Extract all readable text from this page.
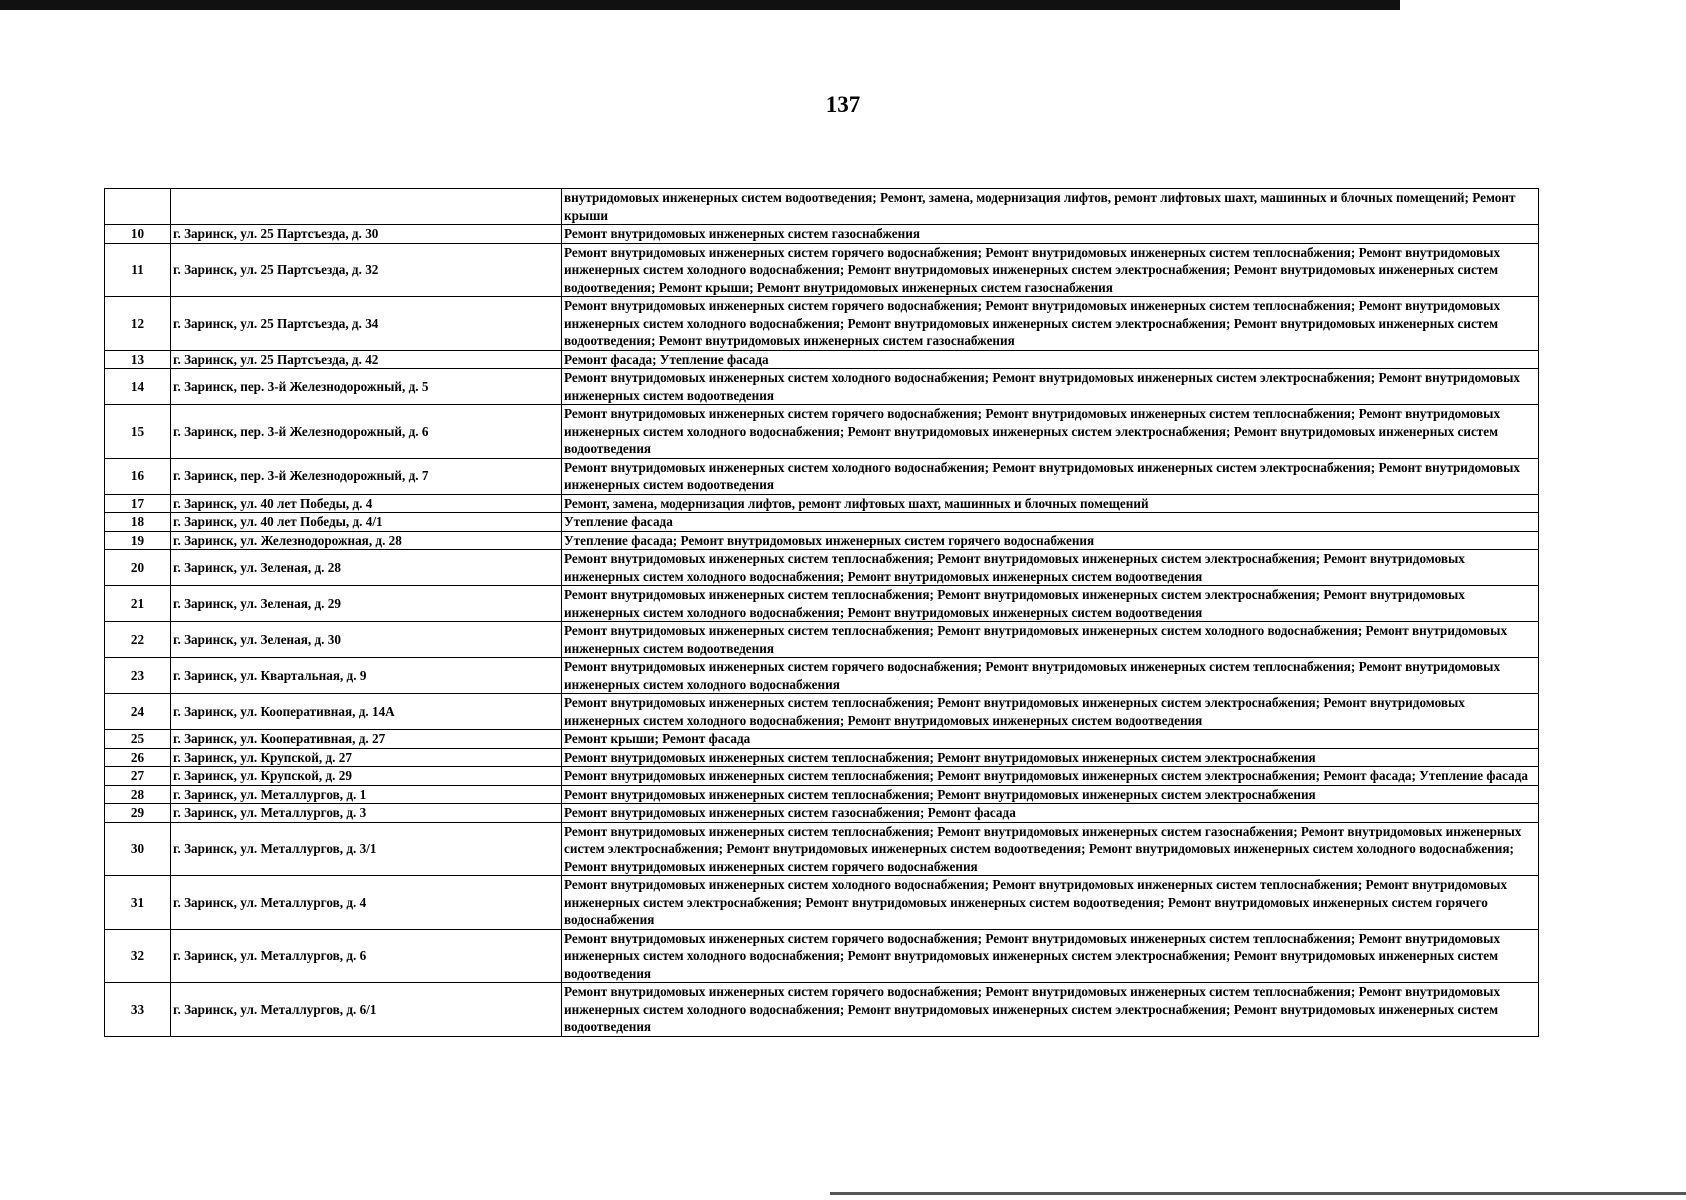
137
		внутридомовых инженерных систем водоотведения; Ремонт, замена, модернизация лифтов, ремонт лифтовых шахт, машинных и блочных помещений; Ремонт крыши
10	г. Заринск, ул. 25 Партсъезда, д. 30	Ремонт внутридомовых инженерных систем газоснабжения
11	г. Заринск, ул. 25 Партсъезда, д. 32	Ремонт внутридомовых инженерных систем горячего водоснабжения; Ремонт внутридомовых инженерных систем теплоснабжения; Ремонт внутридомовых инженерных систем холодного водоснабжения; Ремонт внутридомовых инженерных систем электроснабжения; Ремонт внутридомовых инженерных систем водоотведения; Ремонт крыши; Ремонт внутридомовых инженерных систем газоснабжения
12	г. Заринск, ул. 25 Партсъезда, д. 34	Ремонт внутридомовых инженерных систем горячего водоснабжения; Ремонт внутридомовых инженерных систем теплоснабжения; Ремонт внутридомовых инженерных систем холодного водоснабжения; Ремонт внутридомовых инженерных систем электроснабжения; Ремонт внутридомовых инженерных систем водоотведения; Ремонт внутридомовых инженерных систем газоснабжения
13	г. Заринск, ул. 25 Партсъезда, д. 42	Ремонт фасада; Утепление фасада
14	г. Заринск, пер. 3-й Железнодорожный, д. 5	Ремонт внутридомовых инженерных систем холодного водоснабжения; Ремонт внутридомовых инженерных систем электроснабжения; Ремонт внутридомовых инженерных систем водоотведения
15	г. Заринск, пер. 3-й Железнодорожный, д. 6	Ремонт внутридомовых инженерных систем горячего водоснабжения; Ремонт внутридомовых инженерных систем теплоснабжения; Ремонт внутридомовых инженерных систем холодного водоснабжения; Ремонт внутридомовых инженерных систем электроснабжения; Ремонт внутридомовых инженерных систем водоотведения
16	г. Заринск, пер. 3-й Железнодорожный, д. 7	Ремонт внутридомовых инженерных систем холодного водоснабжения; Ремонт внутридомовых инженерных систем электроснабжения; Ремонт внутридомовых инженерных систем водоотведения
17	г. Заринск, ул. 40 лет Победы, д. 4	Ремонт, замена, модернизация лифтов, ремонт лифтовых шахт, машинных и блочных помещений
18	г. Заринск, ул. 40 лет Победы, д. 4/1	Утепление фасада
19	г. Заринск, ул. Железнодорожная, д. 28	Утепление фасада; Ремонт внутридомовых инженерных систем горячего водоснабжения
20	г. Заринск, ул. Зеленая, д. 28	Ремонт внутридомовых инженерных систем теплоснабжения; Ремонт внутридомовых инженерных систем электроснабжения; Ремонт внутридомовых инженерных систем холодного водоснабжения; Ремонт внутридомовых инженерных систем водоотведения
21	г. Заринск, ул. Зеленая, д. 29	Ремонт внутридомовых инженерных систем теплоснабжения; Ремонт внутридомовых инженерных систем электроснабжения; Ремонт внутридомовых инженерных систем холодного водоснабжения; Ремонт внутридомовых инженерных систем водоотведения
22	г. Заринск, ул. Зеленая, д. 30	Ремонт внутридомовых инженерных систем теплоснабжения; Ремонт внутридомовых инженерных систем холодного водоснабжения; Ремонт внутридомовых инженерных систем водоотведения
23	г. Заринск, ул. Квартальная, д. 9	Ремонт внутридомовых инженерных систем горячего водоснабжения; Ремонт внутридомовых инженерных систем теплоснабжения; Ремонт внутридомовых инженерных систем холодного водоснабжения
24	г. Заринск, ул. Кооперативная, д. 14А	Ремонт внутридомовых инженерных систем теплоснабжения; Ремонт внутридомовых инженерных систем электроснабжения; Ремонт внутридомовых инженерных систем холодного водоснабжения; Ремонт внутридомовых инженерных систем водоотведения
25	г. Заринск, ул. Кооперативная, д. 27	Ремонт крыши; Ремонт фасада
26	г. Заринск, ул. Крупской, д. 27	Ремонт внутридомовых инженерных систем теплоснабжения; Ремонт внутридомовых инженерных систем электроснабжения
27	г. Заринск, ул. Крупской, д. 29	Ремонт внутридомовых инженерных систем теплоснабжения; Ремонт внутридомовых инженерных систем электроснабжения; Ремонт фасада; Утепление фасада
28	г. Заринск, ул. Металлургов, д. 1	Ремонт внутридомовых инженерных систем теплоснабжения; Ремонт внутридомовых инженерных систем электроснабжения
29	г. Заринск, ул. Металлургов, д. 3	Ремонт внутридомовых инженерных систем газоснабжения; Ремонт фасада
30	г. Заринск, ул. Металлургов, д. 3/1	Ремонт внутридомовых инженерных систем теплоснабжения; Ремонт внутридомовых инженерных систем газоснабжения; Ремонт внутридомовых инженерных систем электроснабжения; Ремонт внутридомовых инженерных систем водоотведения; Ремонт внутридомовых инженерных систем холодного водоснабжения; Ремонт внутридомовых инженерных систем горячего водоснабжения
31	г. Заринск, ул. Металлургов, д. 4	Ремонт внутридомовых инженерных систем холодного водоснабжения; Ремонт внутридомовых инженерных систем теплоснабжения; Ремонт внутридомовых инженерных систем электроснабжения; Ремонт внутридомовых инженерных систем водоотведения; Ремонт внутридомовых инженерных систем горячего водоснабжения
32	г. Заринск, ул. Металлургов, д. 6	Ремонт внутридомовых инженерных систем горячего водоснабжения; Ремонт внутридомовых инженерных систем теплоснабжения; Ремонт внутридомовых инженерных систем холодного водоснабжения; Ремонт внутридомовых инженерных систем электроснабжения; Ремонт внутридомовых инженерных систем водоотведения
33	г. Заринск, ул. Металлургов, д. 6/1	Ремонт внутридомовых инженерных систем горячего водоснабжения; Ремонт внутридомовых инженерных систем теплоснабжения; Ремонт внутридомовых инженерных систем холодного водоснабжения; Ремонт внутридомовых инженерных систем электроснабжения; Ремонт внутридомовых инженерных систем водоотведения
